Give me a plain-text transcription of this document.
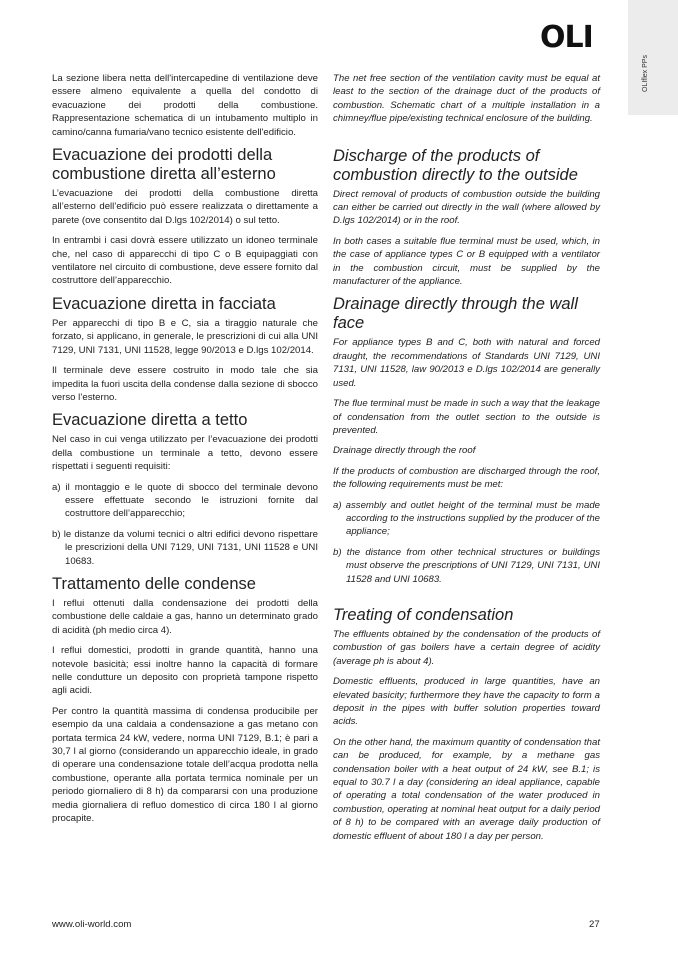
OLIflex PPs
OLI

La sezione libera netta dell'intercapedine di ventilazione deve essere almeno equivalente a quella del condotto di evacuazione dei prodotti della combustione. Rappresentazione schematica di un intubamento multiplo in camino/canna fumaria/vano tecnico esistente dell'edificio.

Evacuazione dei prodotti della combustione diretta all’esterno

L’evacuazione dei prodotti della combustione diretta all’esterno dell’edificio può essere realizzata o direttamente a parete (ove consentito dal D.lgs 102/2014) o sul tetto.

In entrambi i casi dovrà essere utilizzato un idoneo terminale che, nel caso di apparecchi di tipo C o B equipaggiati con ventilatore nel circuito di combustione, deve essere fornito dal costruttore dell’apparecchio.

Evacuazione diretta in facciata

Per apparecchi di tipo B e C, sia a tiraggio naturale che forzato, si applicano, in generale, le prescrizioni di cui alla UNI 7129, UNI 7131, UNI 11528, legge 90/2013 e D.lgs 102/2014.

Il terminale deve essere costruito in modo tale che sia impedita la fuori uscita della condense dalla sezione di sbocco verso l’esterno.

Evacuazione diretta a tetto

Nel caso in cui venga utilizzato per l’evacuazione dei prodotti della combustione un terminale a tetto, devono essere rispettati i seguenti requisiti:

a) il montaggio e le quote di sbocco del terminale devono essere effettuate secondo le istruzioni fornite dal costruttore dell’apparecchio;

b) le distanze da volumi tecnici o altri edifici devono rispettare le prescrizioni della UNI 7129, UNI 7131, UNI 11528 e UNI 10683.

Trattamento delle condense

I reflui ottenuti dalla condensazione dei prodotti della combustione delle caldaie a gas, hanno un determinato grado di acidità (ph medio circa 4).

I reflui domestici, prodotti in grande quantità, hanno una notevole basicità; essi inoltre hanno la capacità di formare nelle condutture un deposito con proprietà tampone rispetto agli acidi.

Per contro la quantità massima di condensa producibile per esempio da una caldaia a condensazione a gas metano con portata termica 24 kW, vedere, norma UNI 7129, B.1; è pari a 30,7 l al giorno (considerando un apparecchio ideale, in grado di operare una condensazione totale dell’acqua prodotta nella combustione, operante alla portata termica nominale per un periodo giornaliero di 8 h) da compararsi con una produzione media giornaliera di refluo domestico di circa 180 l al giorno procapite.

The net free section of the ventilation cavity must be equal at least to the section of the drainage duct of the products of combustion. Schematic chart of a multiple installation in a chimney/flue pipe/existing technical enclosure of the building.

Discharge of the products of combustion directly to the outside

Direct removal of products of combustion outside the building can either be carried out directly in the wall (where allowed by D.lgs 102/2014) or in the roof.

In both cases a suitable flue terminal must be used, which, in the case of appliance types C or B equipped with a ventilator in the combustion circuit, must be supplied by the manufacturer of the appliance.

Drainage directly through the wall face

For appliance types B and C, both with natural and forced draught, the recommendations of Standards UNI 7129, UNI 7131, UNI 11528, law 90/2013 e D.lgs 102/2014 are generally used.

The flue terminal must be made in such a way that the leakage of condensation from the outlet section to the outside is prevented.

Drainage directly through the roof

If the products of combustion are discharged through the roof, the following requirements must be met:

a) assembly and outlet height of the terminal must be made according to the instructions supplied by the producer of the appliance;

b) the distance from other technical structures or buildings must observe the prescriptions of UNI 7129, UNI 7131, UNI 11528 and UNI 10683.

Treating of condensation

The effluents obtained by the condensation of the products of combustion of gas boilers have a certain degree of acidity (average ph is about 4).

Domestic effluents, produced in large quantities, have an elevated basicity; furthermore they have the capacity to form a deposit in the pipes with buffer solution properties toward acids.

On the other hand, the maximum quantity of condensation that can be produced, for example, by a methane gas condensation boiler with a heat output of 24 kW, see B.1; is equal to 30.7 l a day (considering an ideal appliance, capable of operating a total condensation of the water produced in combustion, operating at nominal heat output for a daily period of 8 h) to be compared with an average daily production of domestic effluent of about 180 l a day per person.

www.oli-world.com	27
